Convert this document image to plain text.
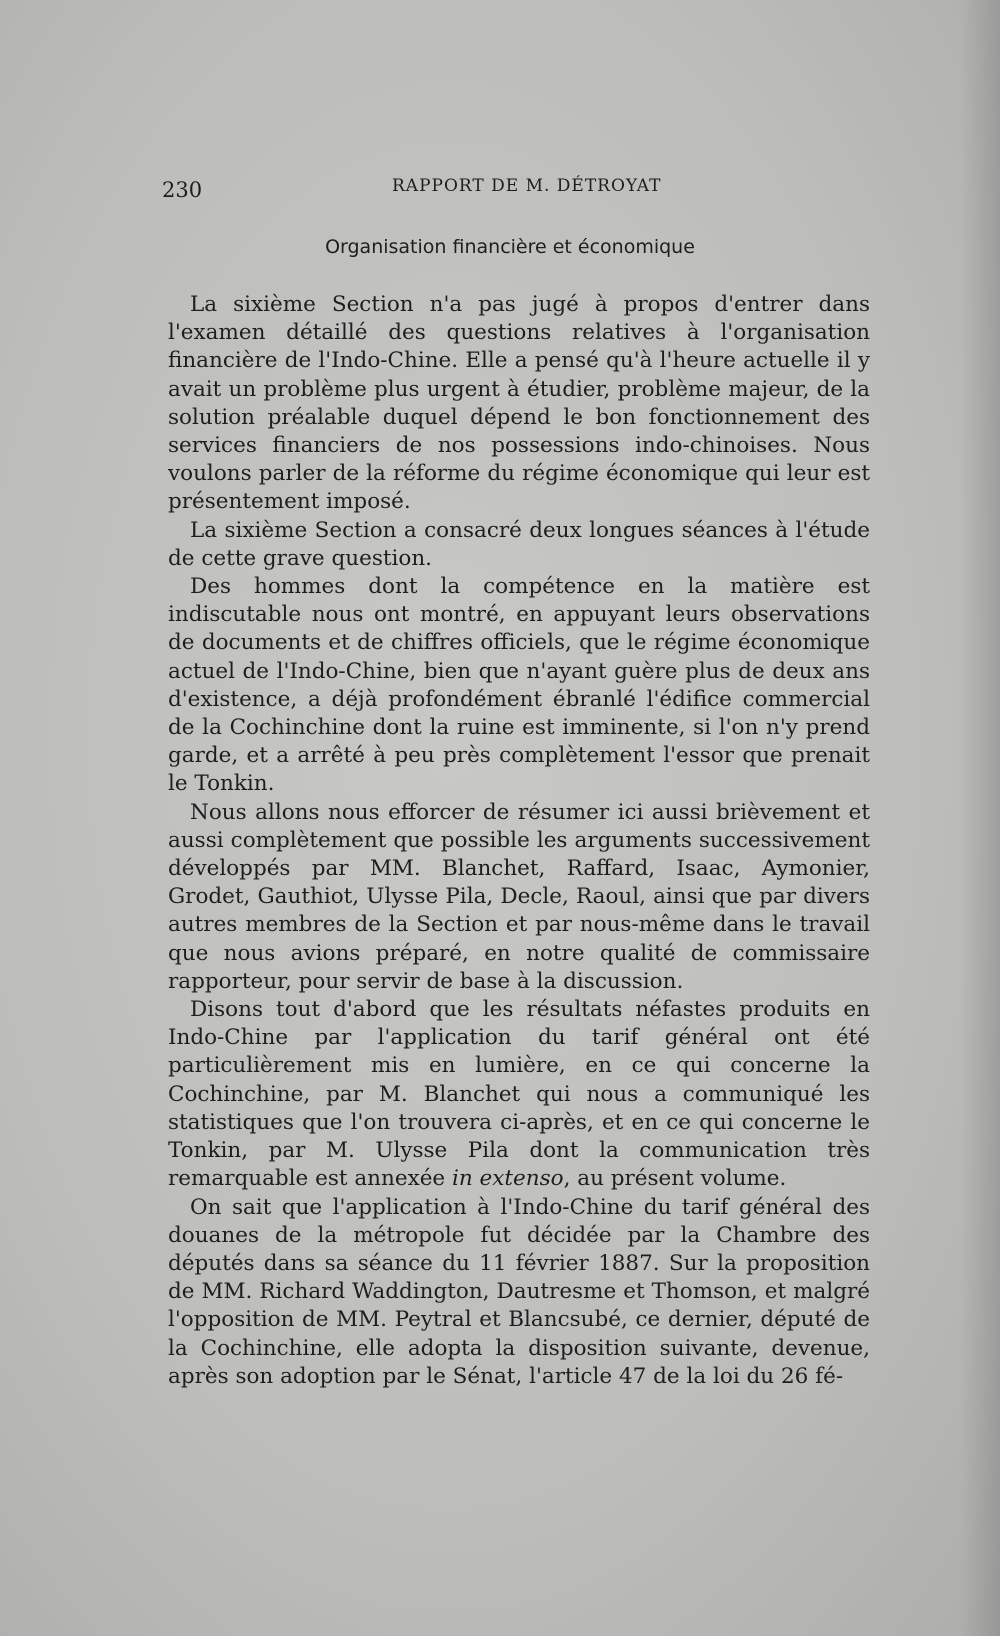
230	RAPPORT DE M. DÉTROYAT
Organisation financière et économique

La sixième Section n'a pas jugé à propos d'entrer dans l'examen détaillé des questions relatives à l'organisation financière de l'Indo-Chine. Elle a pensé qu'à l'heure actuelle il y avait un problème plus urgent à étudier, problème majeur, de la solution préalable duquel dépend le bon fonctionnement des services financiers de nos possessions indo-chinoises. Nous voulons parler de la réforme du régime économique qui leur est présentement imposé.

La sixième Section a consacré deux longues séances à l'étude de cette grave question.

Des hommes dont la compétence en la matière est indiscutable nous ont montré, en appuyant leurs observations de documents et de chiffres officiels, que le régime économique actuel de l'Indo-Chine, bien que n'ayant guère plus de deux ans d'existence, a déjà profondément ébranlé l'édifice commercial de la Cochinchine dont la ruine est imminente, si l'on n'y prend garde, et a arrêté à peu près complètement l'essor que prenait le Tonkin.

Nous allons nous efforcer de résumer ici aussi brièvement et aussi complètement que possible les arguments successivement développés par MM. Blanchet, Raffard, Isaac, Aymonier, Grodet, Gauthiot, Ulysse Pila, Decle, Raoul, ainsi que par divers autres membres de la Section et par nous-même dans le travail que nous avions préparé, en notre qualité de commissaire rapporteur, pour servir de base à la discussion.

Disons tout d'abord que les résultats néfastes produits en Indo-Chine par l'application du tarif général ont été particulièrement mis en lumière, en ce qui concerne la Cochinchine, par M. Blanchet qui nous a communiqué les statistiques que l'on trouvera ci-après, et en ce qui concerne le Tonkin, par M. Ulysse Pila dont la communication très remarquable est annexée in extenso, au présent volume.

On sait que l'application à l'Indo-Chine du tarif général des douanes de la métropole fut décidée par la Chambre des députés dans sa séance du 11 février 1887. Sur la proposition de MM. Richard Waddington, Dautresme et Thomson, et malgré l'opposition de MM. Peytral et Blancsubé, ce dernier, député de la Cochinchine, elle adopta la disposition suivante, devenue, après son adoption par le Sénat, l'article 47 de la loi du 26 fé-
